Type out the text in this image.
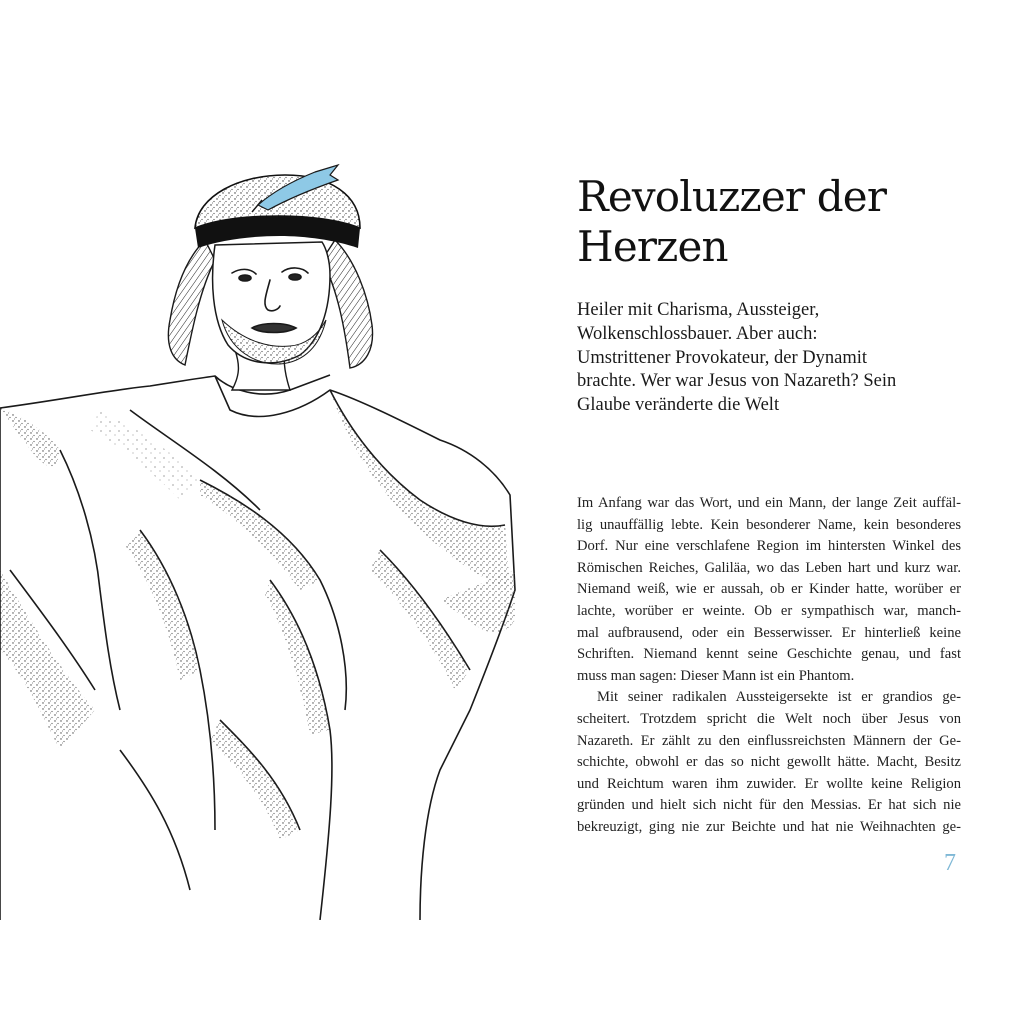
Revoluzzer der
Herzen
Heiler mit Charisma, Aussteiger,
Wolkenschlossbauer. Aber auch:
Umstrittener Provokateur, der Dynamit
brachte. Wer war Jesus von Nazareth? Sein
Glaube veränderte die Welt

Im Anfang war das Wort, und ein Mann, der lange Zeit auffäl-
lig unauffällig lebte. Kein besonderer Name, kein besonderes
Dorf. Nur eine verschlafene Region im hintersten Winkel des
Römischen Reiches, Galiläa, wo das Leben hart und kurz war.
Niemand weiß, wie er aussah, ob er Kinder hatte, worüber er
lachte, worüber er weinte. Ob er sympathisch war, manch-
mal aufbrausend, oder ein Besserwisser. Er hinterließ keine
Schriften. Niemand kennt seine Geschichte genau, und fast
muss man sagen: Dieser Mann ist ein Phantom.

Mit seiner radikalen Aussteigersekte ist er grandios ge-
scheitert. Trotzdem spricht die Welt noch über Jesus von
Nazareth. Er zählt zu den einflussreichsten Männern der Ge-
schichte, obwohl er das so nicht gewollt hätte. Macht, Besitz
und Reichtum waren ihm zuwider. Er wollte keine Religion
gründen und hielt sich nicht für den Messias. Er hat sich nie
bekreuzigt, ging nie zur Beichte und hat nie Weihnachten ge-

7
